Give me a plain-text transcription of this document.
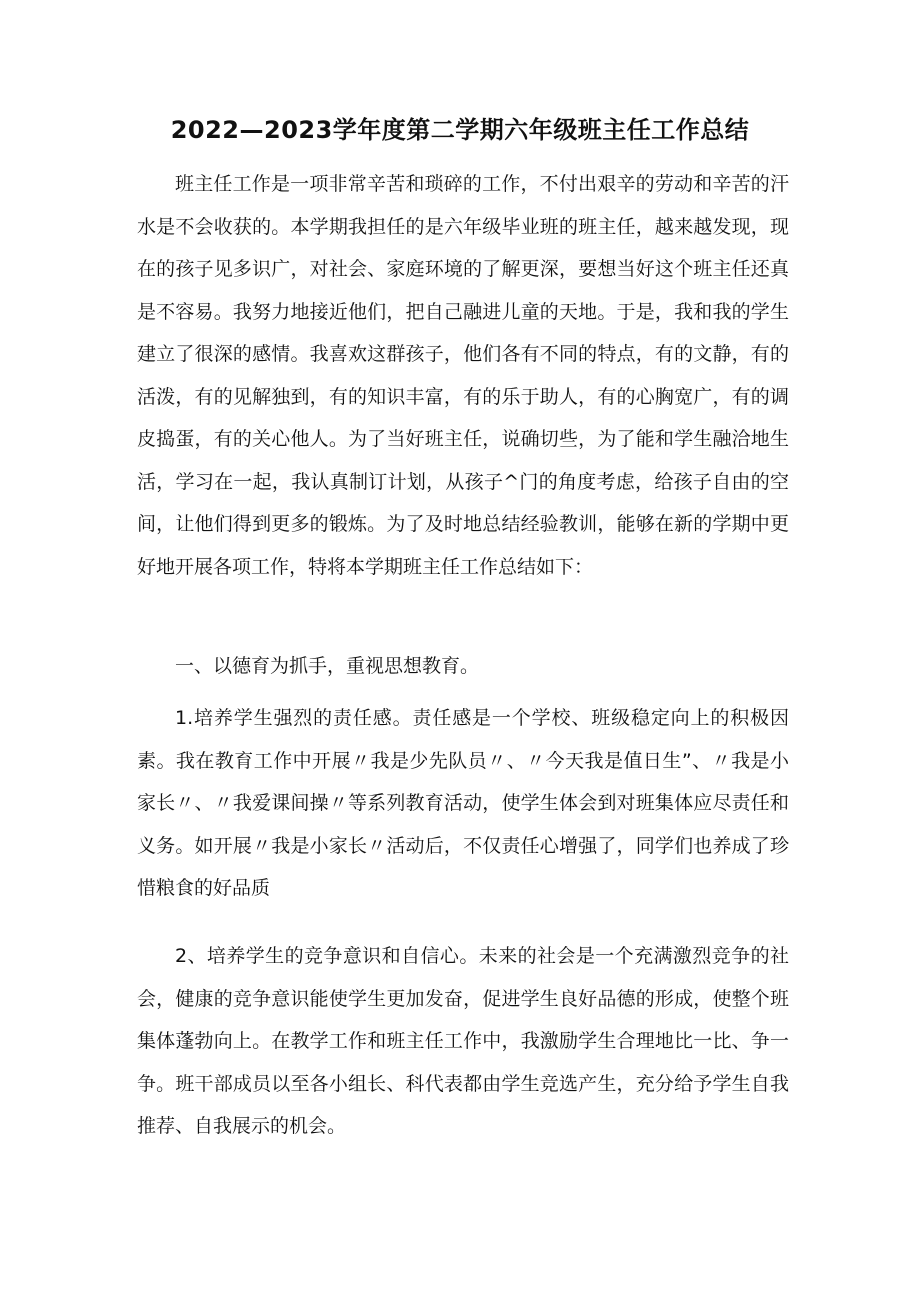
2022—2023学年度第二学期六年级班主任工作总结

班主任工作是一项非常辛苦和琐碎的工作，不付出艰辛的劳动和辛苦的汗水是不会收获的。本学期我担任的是六年级毕业班的班主任，越来越发现，现在的孩子见多识广，对社会、家庭环境的了解更深，要想当好这个班主任还真是不容易。我努力地接近他们，把自己融进儿童的天地。于是，我和我的学生建立了很深的感情。我喜欢这群孩子，他们各有不同的特点，有的文静，有的活泼，有的见解独到，有的知识丰富，有的乐于助人，有的心胸宽广，有的调皮捣蛋，有的关心他人。为了当好班主任，说确切些，为了能和学生融洽地生活，学习在一起，我认真制订计划，从孩子^门的角度考虑，给孩子自由的空间，让他们得到更多的锻炼。为了及时地总结经验教训，能够在新的学期中更好地开展各项工作，特将本学期班主任工作总结如下：

一、以德育为抓手，重视思想教育。

1.培养学生强烈的责任感。责任感是一个学校、班级稳定向上的积极因素。我在教育工作中开展〃我是少先队员〃、〃今天我是值日生”、〃我是小家长〃、〃我爱课间操〃等系列教育活动，使学生体会到对班集体应尽责任和义务。如开展〃我是小家长〃活动后，不仅责任心增强了，同学们也养成了珍惜粮食的好品质

2、培养学生的竞争意识和自信心。未来的社会是一个充满激烈竞争的社会，健康的竞争意识能使学生更加发奋，促进学生良好品德的形成，使整个班集体蓬勃向上。在教学工作和班主任工作中，我激励学生合理地比一比、争一争。班干部成员以至各小组长、科代表都由学生竞选产生，充分给予学生自我推荐、自我展示的机会。
